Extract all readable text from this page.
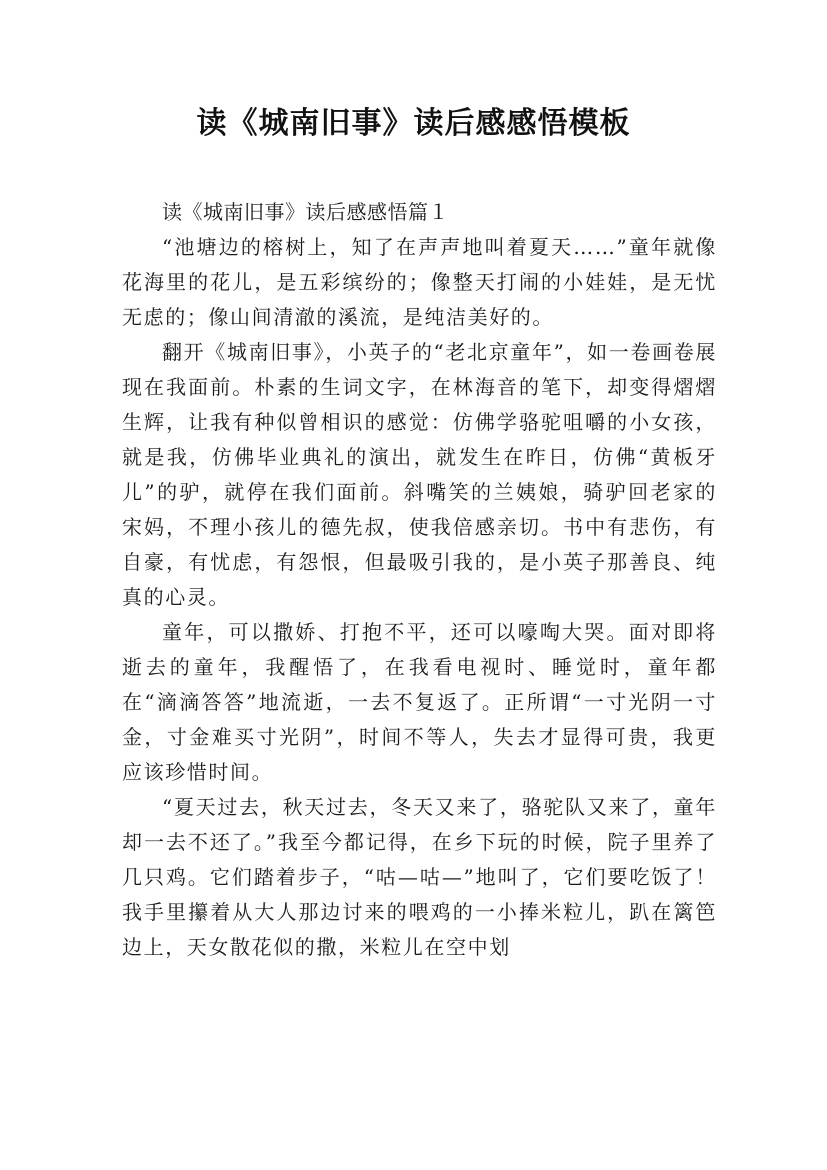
读《城南旧事》读后感感悟模板

读《城南旧事》读后感感悟篇１

“池塘边的榕树上，知了在声声地叫着夏天……”童年就像花海里的花儿，是五彩缤纷的；像整天打闹的小娃娃，是无忧无虑的；像山间清澈的溪流，是纯洁美好的。

翻开《城南旧事》，小英子的“老北京童年”，如一卷画卷展现在我面前。朴素的生词文字，在林海音的笔下，却变得熠熠生辉，让我有种似曾相识的感觉：仿佛学骆驼咀嚼的小女孩，就是我，仿佛毕业典礼的演出，就发生在昨日，仿佛“黄板牙儿”的驴，就停在我们面前。斜嘴笑的兰姨娘，骑驴回老家的宋妈，不理小孩儿的德先叔，使我倍感亲切。书中有悲伤，有自豪，有忧虑，有怨恨，但最吸引我的，是小英子那善良、纯真的心灵。

童年，可以撒娇、打抱不平，还可以嚎啕大哭。面对即将逝去的童年，我醒悟了，在我看电视时、睡觉时，童年都在“滴滴答答”地流逝，一去不复返了。正所谓“一寸光阴一寸金，寸金难买寸光阴”，时间不等人，失去才显得可贵，我更应该珍惜时间。

“夏天过去，秋天过去，冬天又来了，骆驼队又来了，童年却一去不还了。”我至今都记得，在乡下玩的时候，院子里养了几只鸡。它们踏着步子，“咕—咕—”地叫了，它们要吃饭了！我手里攥着从大人那边讨来的喂鸡的一小捧米粒儿，趴在篱笆边上，天女散花似的撒，米粒儿在空中划
